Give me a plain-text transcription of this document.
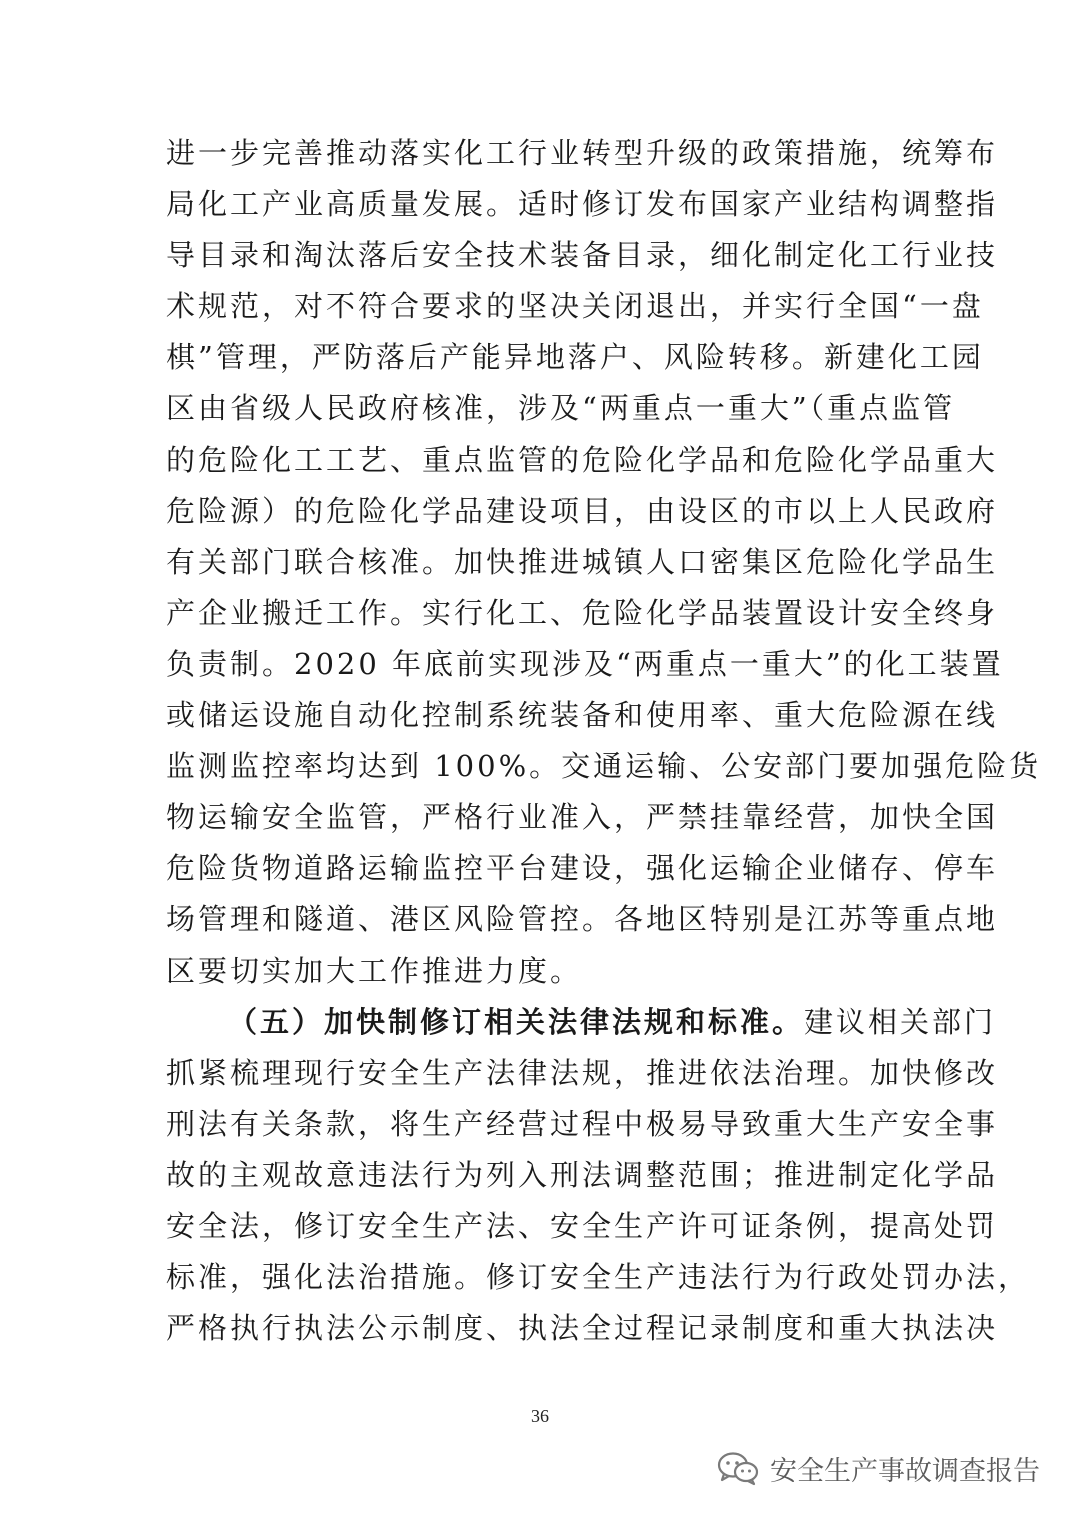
进一步完善推动落实化工行业转型升级的政策措施，统筹布
局化工产业高质量发展。适时修订发布国家产业结构调整指
导目录和淘汰落后安全技术装备目录，细化制定化工行业技
术规范，对不符合要求的坚决关闭退出，并实行全国“一盘
棋”管理，严防落后产能异地落户、风险转移。新建化工园
区由省级人民政府核准，涉及“两重点一重大”（重点监管
的危险化工工艺、重点监管的危险化学品和危险化学品重大
危险源）的危险化学品建设项目，由设区的市以上人民政府
有关部门联合核准。加快推进城镇人口密集区危险化学品生
产企业搬迁工作。实行化工、危险化学品装置设计安全终身
负责制。2020 年底前实现涉及“两重点一重大”的化工装置
或储运设施自动化控制系统装备和使用率、重大危险源在线
监测监控率均达到 100%。交通运输、公安部门要加强危险货
物运输安全监管，严格行业准入，严禁挂靠经营，加快全国
危险货物道路运输监控平台建设，强化运输企业储存、停车
场管理和隧道、港区风险管控。各地区特别是江苏等重点地
区要切实加大工作推进力度。
（五）加快制修订相关法律法规和标准。建议相关部门
抓紧梳理现行安全生产法律法规，推进依法治理。加快修改
刑法有关条款，将生产经营过程中极易导致重大生产安全事
故的主观故意违法行为列入刑法调整范围；推进制定化学品
安全法，修订安全生产法、安全生产许可证条例，提高处罚
标准，强化法治措施。修订安全生产违法行为行政处罚办法，
严格执行执法公示制度、执法全过程记录制度和重大执法决
36
安全生产事故调查报告
